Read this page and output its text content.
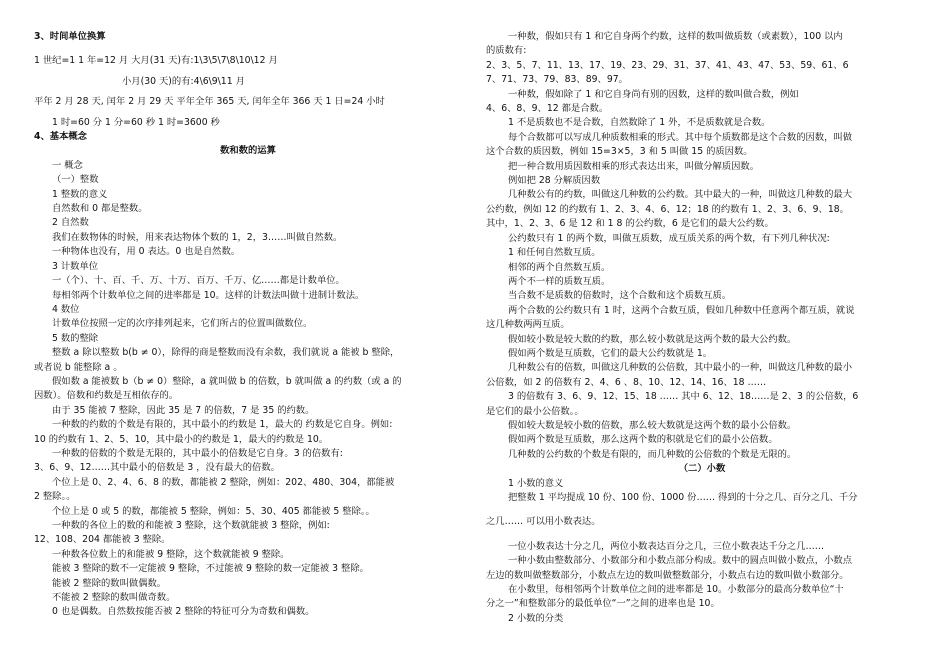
3、时间单位换算
1 世纪=1 1 年=12 月 大月(31 天)有:1\3\5\7\8\10\12 月
小月(30 天)的有:4\6\9\11 月
平年 2 月 28 天, 闰年 2 月 29 天 平年全年 365 天, 闰年全年 366 天 1 日=24 小时
1 时=60 分 1 分=60 秒 1 时=3600 秒
4、基本概念
数和数的运算
一 概念
（一）整数
1 整数的意义
自然数和 0 都是整数。
2 自然数
我们在数物体的时候，用来表达物体个数的 1，2，3……叫做自然数。
一种物体也没有，用 0 表达。0 也是自然数。
3 计数单位
一（个）、十、百、千、万、十万、百万、千万、亿……都是计数单位。
每相邻两个计数单位之间的进率都是 10。这样的计数法叫做十进制计数法。
4 数位
计数单位按照一定的次序排列起来，它们所占的位置叫做数位。
5 数的整除
整数 a 除以整数 b(b ≠ 0），除得的商是整数而没有余数，我们就说 a 能被 b 整除，
或者说 b 能整除 a 。
假如数 a 能被数 b（b ≠ 0）整除，a 就叫做 b 的倍数，b 就叫做 a 的约数（或 a 的
因数）。倍数和约数是互相依存的。
由于 35 能被 7 整除，因此 35 是 7 的倍数，7 是 35 的约数。
一种数的约数的个数是有限的，其中最小的约数是 1，最大的 约数是它自身。例如:
10 的约数有 1、2、5、10，其中最小的约数是 1，最大的约数是 10。
一种数的倍数的个数是无限的，其中最小的倍数是它自身。3 的倍数有:
3、6、9、12……其中最小的倍数是 3 ，没有最大的倍数。
个位上是 0、2、4、6、8 的数，都能被 2 整除，例如：202、480、304，都能被
2 整除。。
个位上是 0 或 5 的数，都能被 5 整除，例如：5、30、405 都能被 5 整除。。
一种数的各位上的数的和能被 3 整除，这个数就能被 3 整除，例如:
12、108、204 都能被 3 整除。
一种数各位数上的和能被 9 整除，这个数就能被 9 整除。
能被 3 整除的数不一定能被 9 整除，不过能被 9 整除的数一定能被 3 整除。
能被 2 整除的数叫做偶数。
不能被 2 整除的数叫做奇数。
0 也是偶数。自然数按能否被 2 整除的特征可分为奇数和偶数。
一种数，假如只有 1 和它自身两个约数，这样的数叫做质数（或素数），100 以内
的质数有:
2、3、5、7、11、13、17、19、23、29、31、37、41、43、47、53、59、61、6
7、71、73、79、83、89、97。
一种数，假如除了 1 和它自身尚有别的因数，这样的数叫做合数，例如
4、6、8、9、12 都是合数。
1 不是质数也不是合数，自然数除了 1 外，不是质数就是合数。
每个合数都可以写成几种质数相乘的形式。其中每个质数都是这个合数的因数，叫做
这个合数的质因数，例如 15=3×5，3 和 5 叫做 15 的质因数。
把一种合数用质因数相乘的形式表达出来，叫做分解质因数。
例如把 28 分解质因数
几种数公有的约数，叫做这几种数的公约数。其中最大的一种，叫做这几种数的最大
公约数，例如 12 的约数有 1、2、3、4、6、12；18 的约数有 1、2、3、6、9、18。
其中，1、2、3、6 是 12 和 1 8 的公约数，6 是它们的最大公约数。
公约数只有 1 的两个数，叫做互质数，成互质关系的两个数，有下列几种状况:
1 和任何自然数互质。
相邻的两个自然数互质。
两个不一样的质数互质。
当合数不是质数的倍数时，这个合数和这个质数互质。
两个合数的公约数只有 1 时，这两个合数互质，假如几种数中任意两个都互质，就说
这几种数两两互质。
假如较小数是较大数的约数，那么较小数就是这两个数的最大公约数。
假如两个数是互质数，它们的最大公约数就是 1。
几种数公有的倍数，叫做这几种数的公倍数，其中最小的一种，叫做这几种数的最小
公倍数，如 2 的倍数有 2、4、6 、8、10、12、14、16、18 ……
3 的倍数有 3、6、9、12、15、18 …… 其中 6、12、18……是 2、3 的公倍数，6
是它们的最小公倍数。。
假如较大数是较小数的倍数，那么较大数就是这两个数的最小公倍数。
假如两个数是互质数，那么这两个数的积就是它们的最小公倍数。
几种数的公约数的个数是有限的，而几种数的公倍数的个数是无限的。
（二）小数
1 小数的意义
把整数 1 平均提成 10 份、100 份、1000 份…… 得到的十分之几、百分之几、千分
之几…… 可以用小数表达。
一位小数表达十分之几，两位小数表达百分之几，三位小数表达千分之几……
一种小数由整数部分、小数部分和小数点部分构成。数中的圆点叫做小数点，小数点
左边的数叫做整数部分，小数点左边的数叫做整数部分，小数点右边的数叫做小数部分。
在小数里，每相邻两个计数单位之间的进率都是 10。小数部分的最高分数单位“十
分之一”和整数部分的最低单位“一”之间的进率也是 10。
2 小数的分类
